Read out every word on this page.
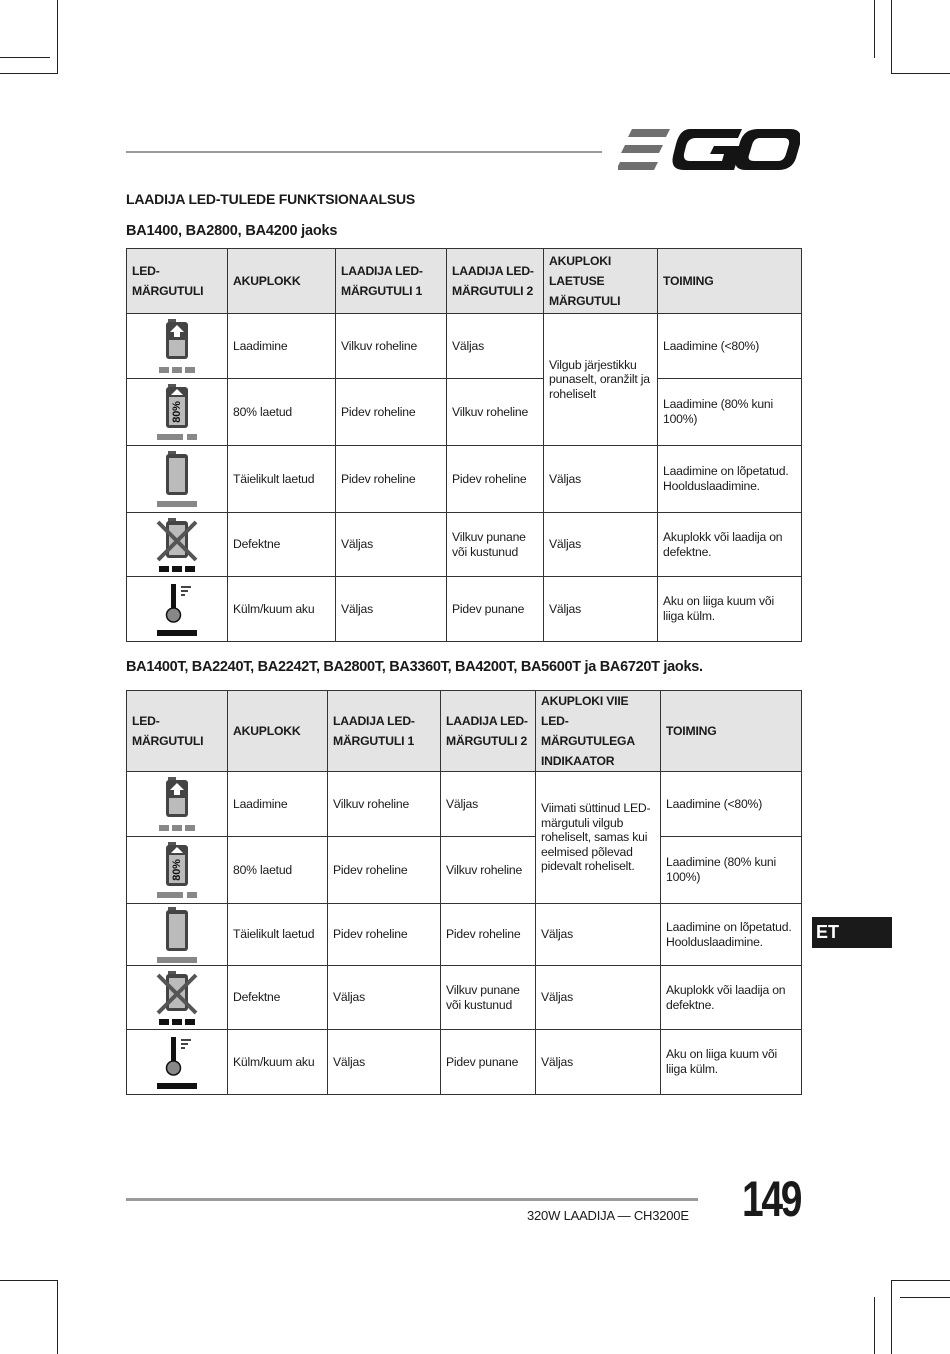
LAADIJA LED-TULEDE FUNKTSIONAALSUS
BA1400, BA2800, BA4200 jaoks
LED-MÄRGUTULI	AKUPLOKK	LAADIJA LED-MÄRGUTULI 1	LAADIJA LED-MÄRGUTULI 2	AKUPLOKI LAETUSE MÄRGUTULI	TOIMING

	Laadimine	Vilkuv roheline	Väljas	Vilgub järjestikku punaselt, oranžilt ja roheliselt	Laadimine (<80%)

80%	80% laetud	Pidev roheline	Vilkuv roheline		Laadimine (80% kuni 100%)

	Täielikult laetud	Pidev roheline	Pidev roheline	Väljas	Laadimine on lõpetatud. Hoolduslaadimine.

	Defektne	Väljas	Vilkuv punane või kustunud	Väljas	Akuplokk või laadija on defektne.

	Külm/kuum aku	Väljas	Pidev punane	Väljas	Aku on liiga kuum või liiga külm.
BA1400T, BA2240T, BA2242T, BA2800T, BA3360T, BA4200T, BA5600T ja BA6720T jaoks.
LED-MÄRGUTULI	AKUPLOKK	LAADIJA LED-MÄRGUTULI 1	LAADIJA LED-MÄRGUTULI 2	AKUPLOKI VIIE LED-MÄRGUTULEGA INDIKAATOR	TOIMING

	Laadimine	Vilkuv roheline	Väljas	Viimati süttinud LED-märgutuli vilgub roheliselt, samas kui eelmised põlevad pidevalt roheliselt.	Laadimine (<80%)

80%	80% laetud	Pidev roheline	Vilkuv roheline		Laadimine (80% kuni 100%)

	Täielikult laetud	Pidev roheline	Pidev roheline	Väljas	Laadimine on lõpetatud. Hoolduslaadimine.

	Defektne	Väljas	Vilkuv punane või kustunud	Väljas	Akuplokk või laadija on defektne.

	Külm/kuum aku	Väljas	Pidev punane	Väljas	Aku on liiga kuum või liiga külm.
ET
320W LAADIJA — CH3200E 149
